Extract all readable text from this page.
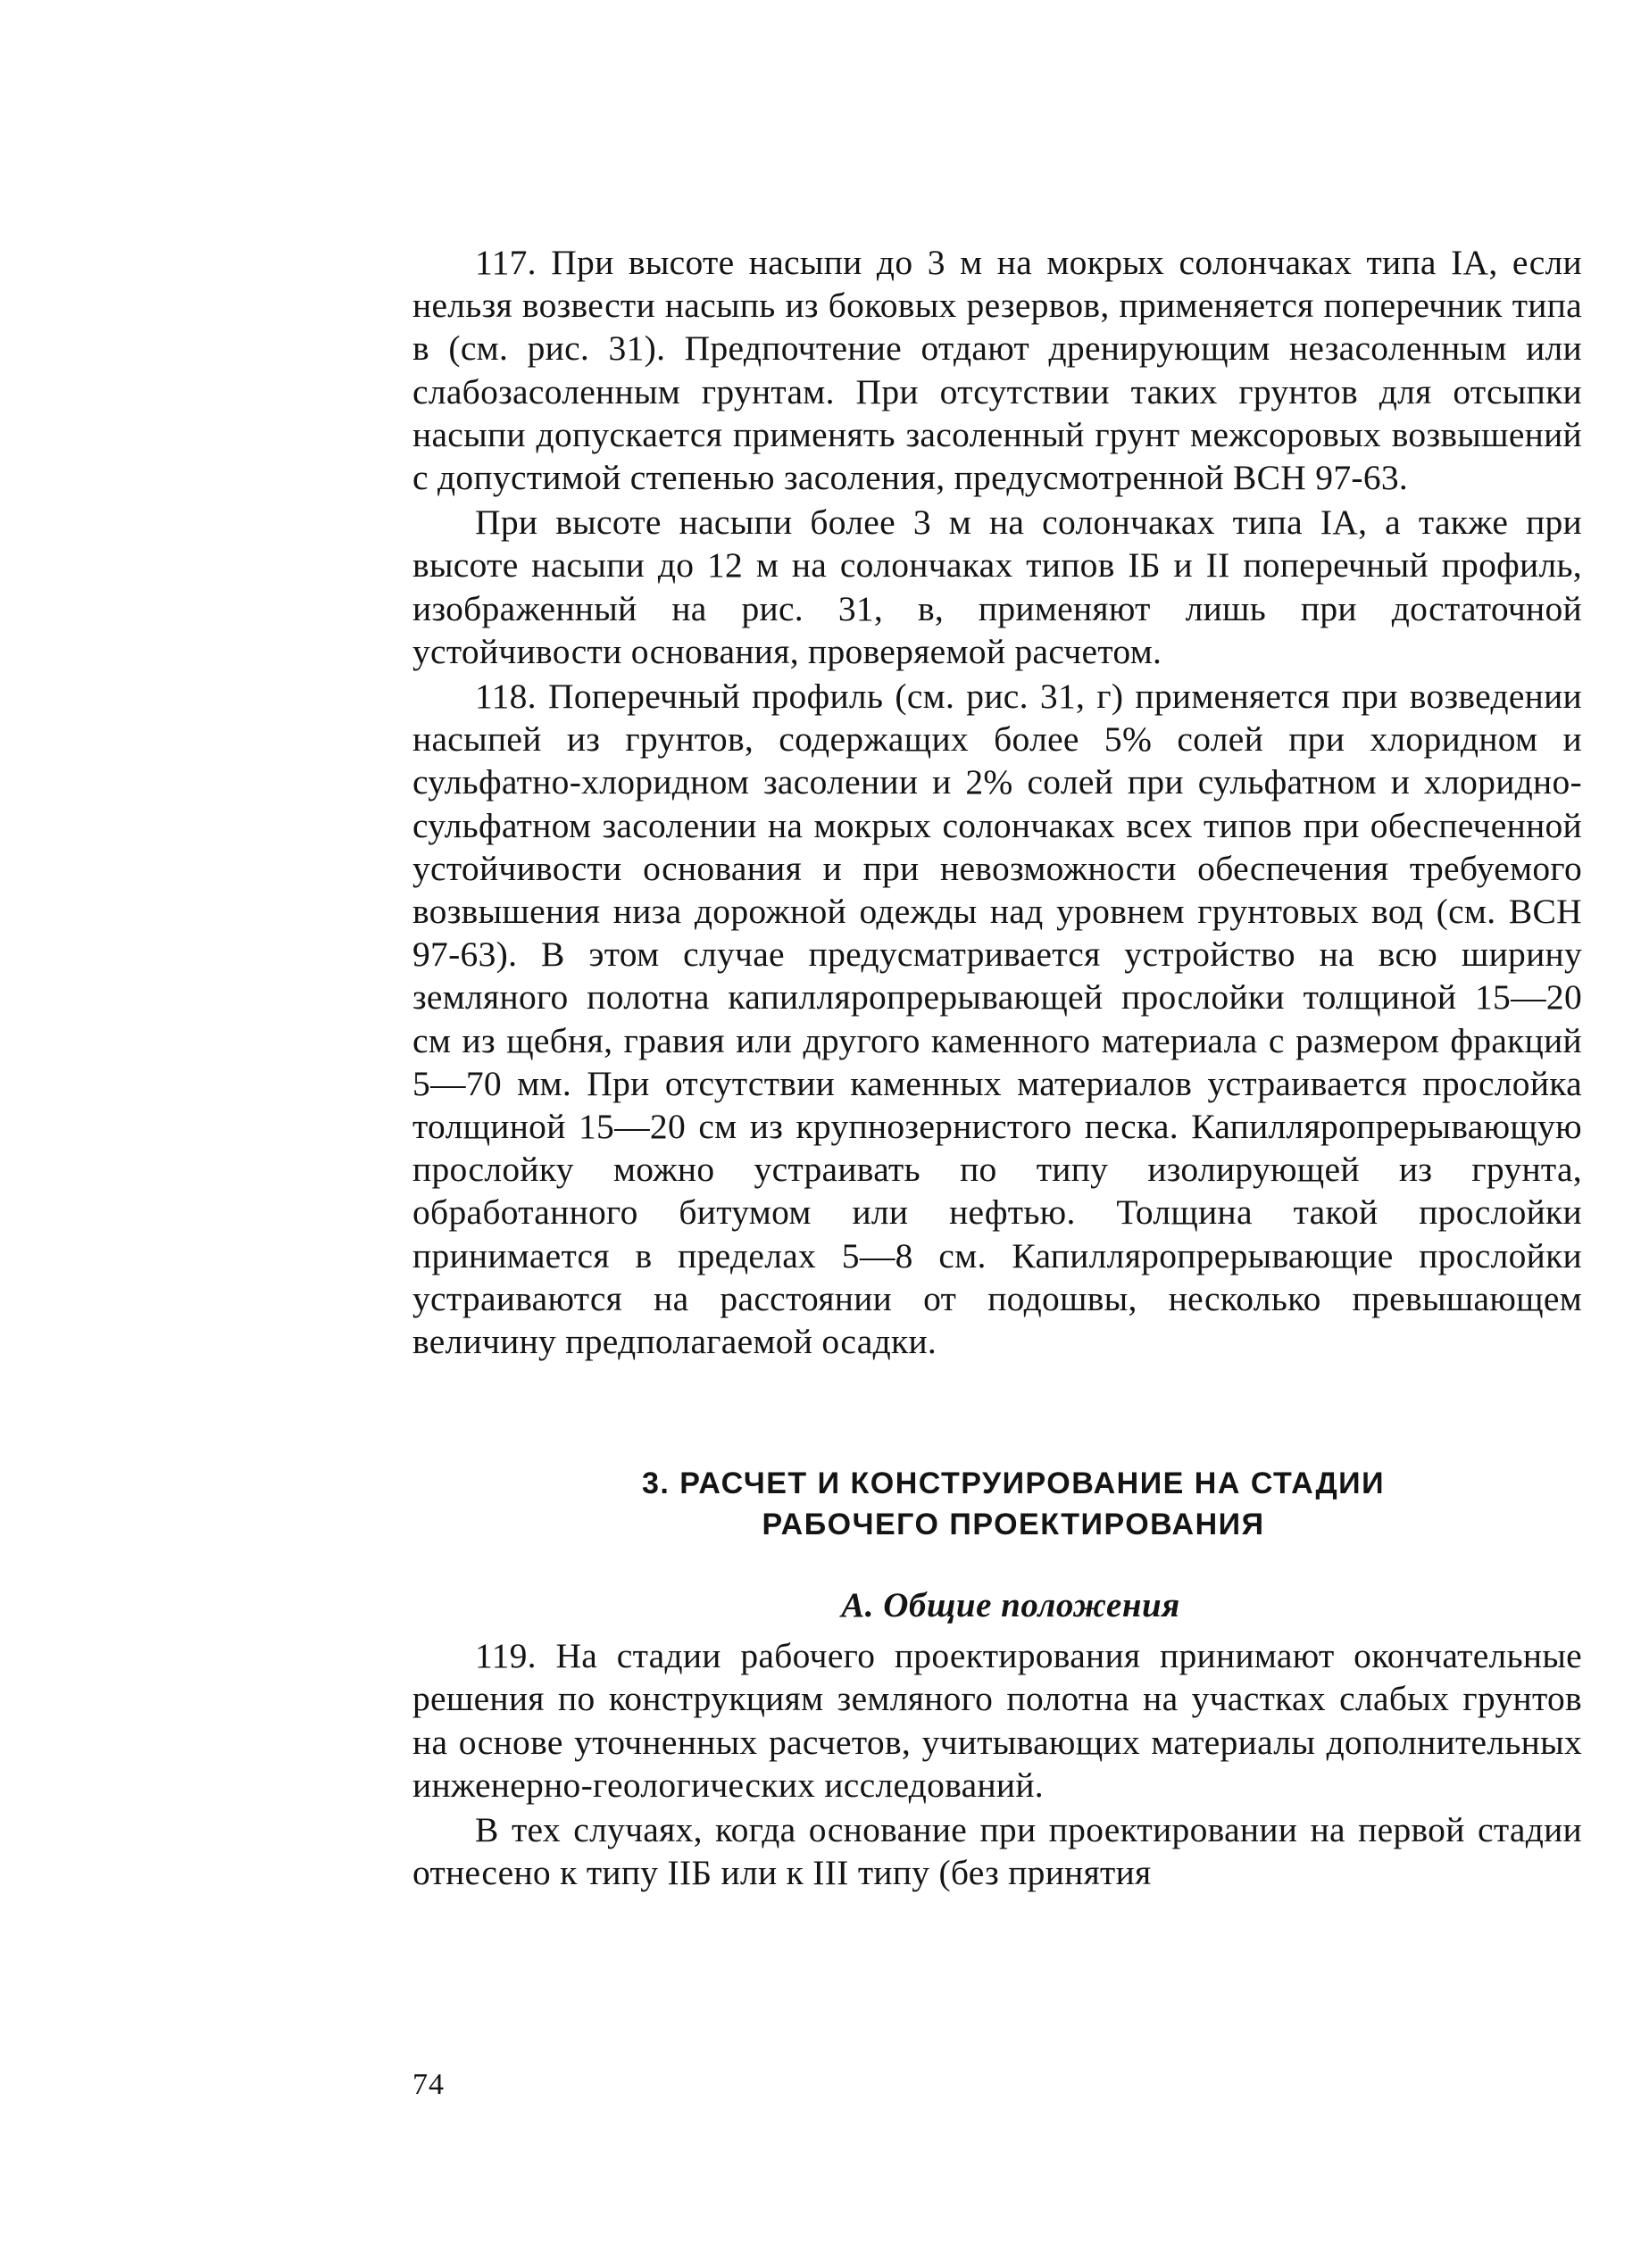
117. При высоте насыпи до 3 м на мокрых солончаках типа IА, если нельзя возвести насыпь из боковых резервов, применяется поперечник типа в (см. рис. 31). Предпочтение отдают дренирующим незасоленным или слабозасоленным грунтам. При отсутствии таких грунтов для отсыпки насыпи допускается применять засоленный грунт межсоровых возвышений с допустимой степенью засоления, предусмотренной ВСН 97-63.

При высоте насыпи более 3 м на солончаках типа IА, а также при высоте насыпи до 12 м на солончаках типов IБ и II поперечный профиль, изображенный на рис. 31, в, применяют лишь при достаточной устойчивости основания, проверяемой расчетом.

118. Поперечный профиль (см. рис. 31, г) применяется при возведении насыпей из грунтов, содержащих более 5% солей при хлоридном и сульфатно-хлоридном засолении и 2% солей при сульфатном и хлоридно-сульфатном засолении на мокрых солончаках всех типов при обеспеченной устойчивости основания и при невозможности обеспечения требуемого возвышения низа дорожной одежды над уровнем грунтовых вод (см. ВСН 97-63). В этом случае предусматривается устройство на всю ширину земляного полотна капилляропрерывающей прослойки толщиной 15—20 см из щебня, гравия или другого каменного материала с размером фракций 5—70 мм. При отсутствии каменных материалов устраивается прослойка толщиной 15—20 см из крупнозернистого песка. Капилляропрерывающую прослойку можно устраивать по типу изолирующей из грунта, обработанного битумом или нефтью. Толщина такой прослойки принимается в пределах 5—8 см. Капилляропрерывающие прослойки устраиваются на расстоянии от подошвы, несколько превышающем величину предполагаемой осадки.

3. РАСЧЕТ И КОНСТРУИРОВАНИЕ НА СТАДИИ
РАБОЧЕГО ПРОЕКТИРОВАНИЯ
А. Общие положения

119. На стадии рабочего проектирования принимают окончательные решения по конструкциям земляного полотна на участках слабых грунтов на основе уточненных расчетов, учитывающих материалы дополнительных инженерно-геологических исследований.

В тех случаях, когда основание при проектировании на первой стадии отнесено к типу IIБ или к III типу (без принятия

74
